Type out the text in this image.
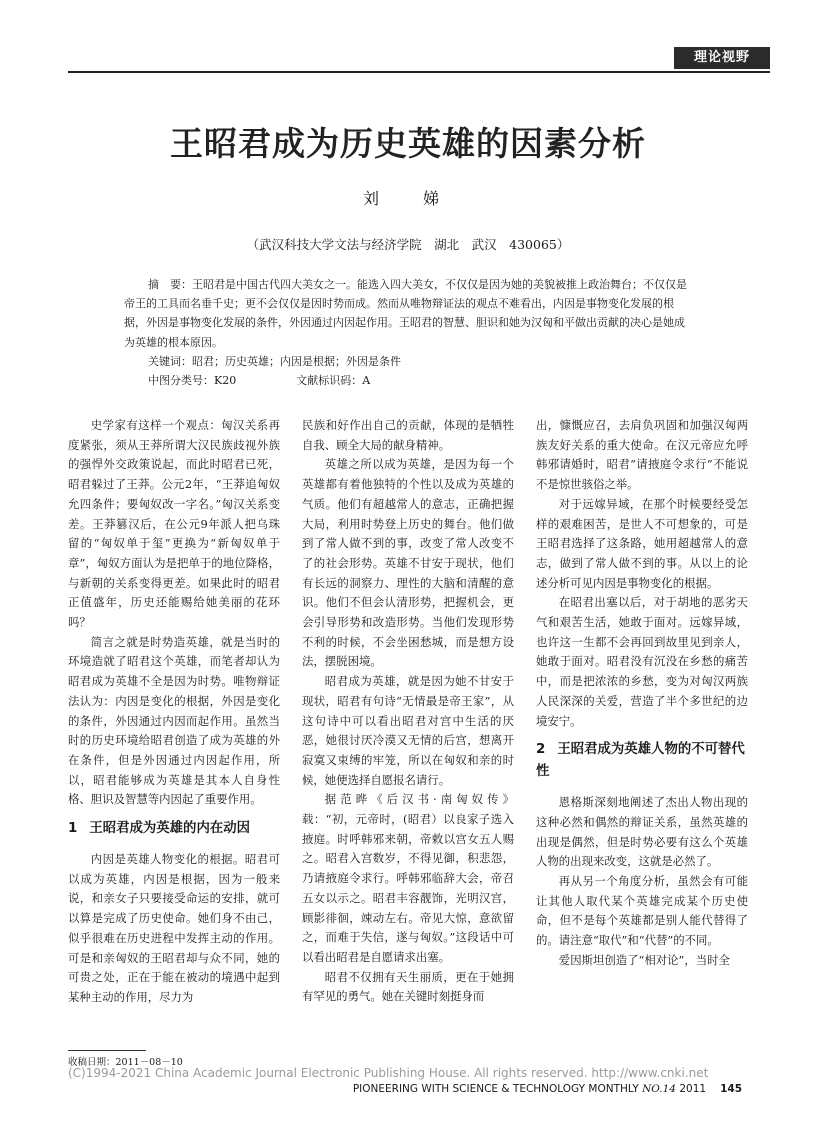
理论视野
王昭君成为历史英雄的因素分析
刘　娣
（武汉科技大学文法与经济学院　湖北　武汉　430065）

摘　要：王昭君是中国古代四大美女之一。能选入四大美女，不仅仅是因为她的美貌被推上政治舞台；不仅仅是帝王的工具而名垂千史；更不会仅仅是因时势而成。然而从唯物辩证法的观点不难看出，内因是事物变化发展的根据，外因是事物变化发展的条件，外因通过内因起作用。王昭君的智慧、胆识和她为汉匈和平做出贡献的决心是她成为英雄的根本原因。

关键词：昭君；历史英雄；内因是根据；外因是条件
中图分类号：K20	文献标识码：A

史学家有这样一个观点：匈汉关系再度紧张，须从王莽所谓大汉民族歧视外族的强悍外交政策说起，而此时昭君已死，昭君躲过了王莽。公元2年，“王莽追匈奴允四条件；要匈奴改一字名。”匈汉关系变差。王莽篡汉后，在公元9年派人把乌珠留的“匈奴单于玺”更换为“新匈奴单于章”，匈奴方面认为是把单于的地位降格，与新朝的关系变得更差。如果此时的昭君正值盛年，历史还能赐给她美丽的花环吗？

简言之就是时势造英雄，就是当时的环境造就了昭君这个英雄，而笔者却认为昭君成为英雄不全是因为时势。唯物辩证法认为：内因是变化的根据，外因是变化的条件，外因通过内因而起作用。虽然当时的历史环境给昭君创造了成为英雄的外在条件，但是外因通过内因起作用，所以，昭君能够成为英雄是其本人自身性格、胆识及智慧等内因起了重要作用。

1 王昭君成为英雄的内在动因

内因是英雄人物变化的根据。昭君可以成为英雄，内因是根据，因为一般来说，和亲女子只要接受命运的安排，就可以算是完成了历史使命。她们身不由己，似乎很难在历史进程中发挥主动的作用。可是和亲匈奴的王昭君却与众不同，她的可贵之处，正在于能在被动的境遇中起到某种主动的作用，尽力为

民族和好作出自己的贡献，体现的是牺牲自我、顾全大局的献身精神。

英雄之所以成为英雄，是因为每一个英雄都有着他独特的个性以及成为英雄的气质。他们有超越常人的意志，正确把握大局，利用时势登上历史的舞台。他们做到了常人做不到的事，改变了常人改变不了的社会形势。英雄不甘安于现状，他们有长远的洞察力、理性的大脑和清醒的意识。他们不但会认清形势，把握机会，更会引导形势和改造形势。当他们发现形势不利的时候，不会坐困愁城，而是想方设法，摆脱困境。

昭君成为英雄，就是因为她不甘安于现状，昭君有句诗“无情最是帝王家”，从这句诗中可以看出昭君对宫中生活的厌恶，她很讨厌冷漠又无情的后宫，想离开寂寞又束缚的牢笼，所以在匈奴和亲的时候，她便选择自愿报名请行。

据范晔《后汉书·南匈奴传》载：“初，元帝时，(昭君）以良家子选入掖庭。时呼韩邪来朝，帝敕以宫女五人赐之。昭君入宫数岁，不得见御，积悲怨，乃请掖庭令求行。呼韩邪临辞大会，帝召五女以示之。昭君丰容靓饰，光明汉宫，顾影徘徊，竦动左右。帝见大惊，意欲留之，而难于失信，遂与匈奴。”这段话中可以看出昭君是自愿请求出塞。

昭君不仅拥有天生丽质，更在于她拥有罕见的勇气。她在关键时刻挺身而

出，慷慨应召，去肩负巩固和加强汉匈两族友好关系的重大使命。在汉元帝应允呼韩邪请婚时，昭君“请掖庭令求行”不能说不是惊世骇俗之举。

对于远嫁异域，在那个时候要经受怎样的艰难困苦，是世人不可想象的，可是王昭君选择了这条路，她用超越常人的意志，做到了常人做不到的事。从以上的论述分析可见内因是事物变化的根据。

在昭君出塞以后，对于胡地的恶劣天气和艰苦生活，她敢于面对。远嫁异域，也许这一生都不会再回到故里见到亲人，她敢于面对。昭君没有沉没在乡愁的痛苦中，而是把浓浓的乡愁，变为对匈汉两族人民深深的关爱，营造了半个多世纪的边境安宁。

2 王昭君成为英雄人物的不可替代性

恩格斯深刻地阐述了杰出人物出现的这种必然和偶然的辩证关系，虽然英雄的出现是偶然，但是时势必要有这么个英雄人物的出现来改变，这就是必然了。

再从另一个角度分析，虽然会有可能让其他人取代某个英雄完成某个历史使命，但不是每个英雄都是别人能代替得了的。请注意“取代”和“代替”的不同。

爱因斯坦创造了“相对论”，当时全

收稿日期：2011－08－10
(C)1994-2021 China Academic Journal Electronic Publishing House. All rights reserved. http://www.cnki.net
PIONEERING WITH SCIENCE & TECHNOLOGY MONTHLY NO.14 2011 145
